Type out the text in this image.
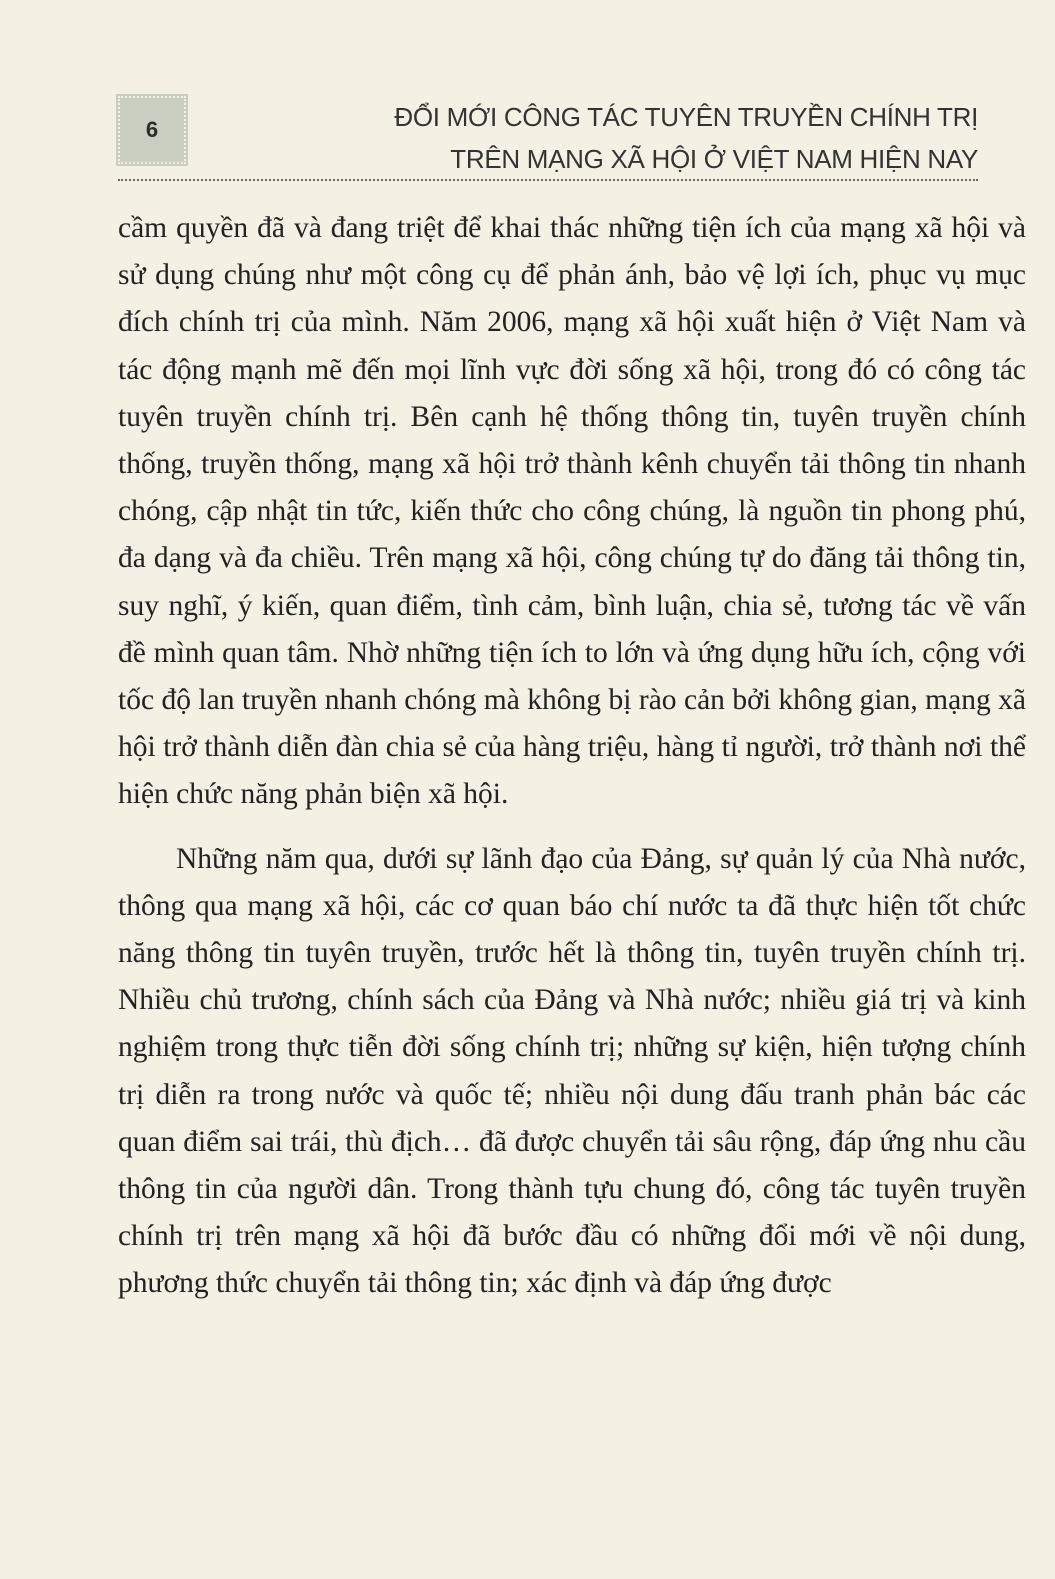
6	ĐỔI MỚI CÔNG TÁC TUYÊN TRUYỀN CHÍNH TRỊ
TRÊN MẠNG XÃ HỘI Ở VIỆT NAM HIỆN NAY

cầm quyền đã và đang triệt để khai thác những tiện ích của mạng xã hội và sử dụng chúng như một công cụ để phản ánh, bảo vệ lợi ích, phục vụ mục đích chính trị của mình. Năm 2006, mạng xã hội xuất hiện ở Việt Nam và tác động mạnh mẽ đến mọi lĩnh vực đời sống xã hội, trong đó có công tác tuyên truyền chính trị. Bên cạnh hệ thống thông tin, tuyên truyền chính thống, truyền thống, mạng xã hội trở thành kênh chuyển tải thông tin nhanh chóng, cập nhật tin tức, kiến thức cho công chúng, là nguồn tin phong phú, đa dạng và đa chiều. Trên mạng xã hội, công chúng tự do đăng tải thông tin, suy nghĩ, ý kiến, quan điểm, tình cảm, bình luận, chia sẻ, tương tác về vấn đề mình quan tâm. Nhờ những tiện ích to lớn và ứng dụng hữu ích, cộng với tốc độ lan truyền nhanh chóng mà không bị rào cản bởi không gian, mạng xã hội trở thành diễn đàn chia sẻ của hàng triệu, hàng tỉ người, trở thành nơi thể hiện chức năng phản biện xã hội.

Những năm qua, dưới sự lãnh đạo của Đảng, sự quản lý của Nhà nước, thông qua mạng xã hội, các cơ quan báo chí nước ta đã thực hiện tốt chức năng thông tin tuyên truyền, trước hết là thông tin, tuyên truyền chính trị. Nhiều chủ trương, chính sách của Đảng và Nhà nước; nhiều giá trị và kinh nghiệm trong thực tiễn đời sống chính trị; những sự kiện, hiện tượng chính trị diễn ra trong nước và quốc tế; nhiều nội dung đấu tranh phản bác các quan điểm sai trái, thù địch… đã được chuyển tải sâu rộng, đáp ứng nhu cầu thông tin của người dân. Trong thành tựu chung đó, công tác tuyên truyền chính trị trên mạng xã hội đã bước đầu có những đổi mới về nội dung, phương thức chuyển tải thông tin; xác định và đáp ứng được
